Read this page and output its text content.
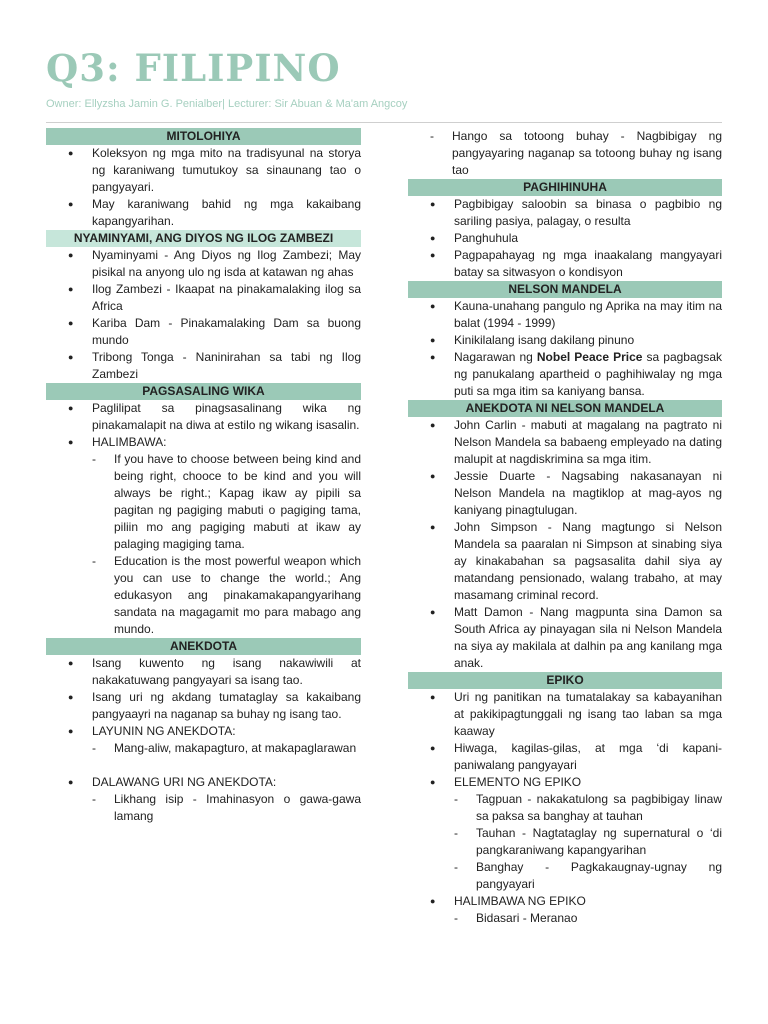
Q3: FILIPINO
Owner: Ellyzsha Jamin G. Penialber| Lecturer: Sir Abuan & Ma'am Angcoy
MITOLOHIYA
● Koleksyon ng mga mito na tradisyunal na storya ng karaniwang tumutukoy sa sinaunang tao o pangyayari.
● May karaniwang bahid ng mga kakaibang kapangyarihan.
NYAMINYAMI, ANG DIYOS NG ILOG ZAMBEZI
● Nyaminyami - Ang Diyos ng Ilog Zambezi; May pisikal na anyong ulo ng isda at katawan ng ahas
● Ilog Zambezi - Ikaapat na pinakamalaking ilog sa Africa
● Kariba Dam - Pinakamalaking Dam sa buong mundo
● Tribong Tonga - Naninirahan sa tabi ng Ilog Zambezi
PAGSASALING WIKA
● Paglilipat sa pinagsasalinang wika ng pinakamalapit na diwa at estilo ng wikang isasalin.
● HALIMBAWA:
- If you have to choose between being kind and being right, chooce to be kind and you will always be right.; Kapag ikaw ay pipili sa pagitan ng pagiging mabuti o pagiging tama, piliin mo ang pagiging mabuti at ikaw ay palaging magiging tama.
- Education is the most powerful weapon which you can use to change the world.; Ang edukasyon ang pinakamakapangyarihang sandata na magagamit mo para mabago ang mundo.
ANEKDOTA
● Isang kuwento ng isang nakawiwili at nakakatuwang pangyayari sa isang tao.
● Isang uri ng akdang tumataglay sa kakaibang pangyaayri na naganap sa buhay ng isang tao.
● LAYUNIN NG ANEKDOTA:
- Mang-aliw, makapagturo, at makapaglarawan
● DALAWANG URI NG ANEKDOTA:
- Likhang isip - Imahinasyon o gawa-gawa lamang
- Hango sa totoong buhay - Nagbibigay ng pangyayaring naganap sa totoong buhay ng isang tao
PAGHIHINUHA
● Pagbibigay saloobin sa binasa o pagbibio ng sariling pasiya, palagay, o resulta
● Panghuhula
● Pagpapahayag ng mga inaakalang mangyayari batay sa sitwasyon o kondisyon
NELSON MANDELA
● Kauna-unahang pangulo ng Aprika na may itim na balat (1994 - 1999)
● Kinikilalang isang dakilang pinuno
● Nagarawan ng Nobel Peace Price sa pagbagsak ng panukalang apartheid o paghihiwalay ng mga puti sa mga itim sa kaniyang bansa.
ANEKDOTA NI NELSON MANDELA
● John Carlin - mabuti at magalang na pagtrato ni Nelson Mandela sa babaeng empleyado na dating malupit at nagdiskrimina sa mga itim.
● Jessie Duarte - Nagsabing nakasanayan ni Nelson Mandela na magtiklop at mag-ayos ng kaniyang pinagtulugan.
● John Simpson - Nang magtungo si Nelson Mandela sa paaralan ni Simpson at sinabing siya ay kinakabahan sa pagsasalita dahil siya ay matandang pensionado, walang trabaho, at may masamang criminal record.
● Matt Damon - Nang magpunta sina Damon sa South Africa ay pinayagan sila ni Nelson Mandela na siya ay makilala at dalhin pa ang kanilang mga anak.
EPIKO
● Uri ng panitikan na tumatalakay sa kabayanihan at pakikipagtunggali ng isang tao laban sa mga kaaway
● Hiwaga, kagilas-gilas, at mga ‘di kapani-paniwalang pangyayari
● ELEMENTO NG EPIKO
- Tagpuan - nakakatulong sa pagbibigay linaw sa paksa sa banghay at tauhan
- Tauhan - Nagtataglay ng supernatural o ‘di pangkaraniwang kapangyarihan
- Banghay - Pagkakaugnay-ugnay ng pangyayari
● HALIMBAWA NG EPIKO
- Bidasari - Meranao
